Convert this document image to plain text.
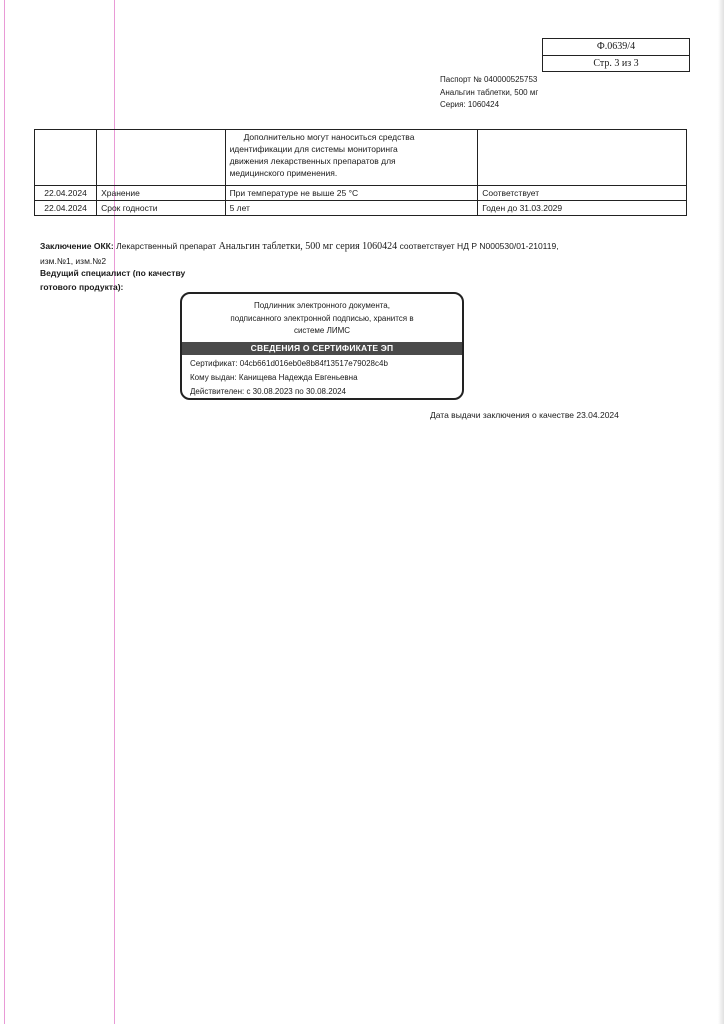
Ф.0639/4
Стр. 3 из 3
Паспорт № 040000525753
Анальгин таблетки, 500 мг
Серия: 1060424
		Дополнительно могут наноситься средства
идентификации для системы мониторинга
движения лекарственных препаратов для
медицинского применения.	
22.04.2024	Хранение	При температуре не выше 25 °С	Соответствует
22.04.2024	Срок годности	5 лет	Годен до 31.03.2029
Заключение ОКК: Лекарственный препарат Анальгин таблетки, 500 мг серия 1060424 соответствует НД Р N000530/01-210119,
изм.№1, изм.№2
Ведущий специалист (по качеству
готового продукта):
Подлинник электронного документа,
подписанного электронной подписью, хранится в
системе ЛИМС
СВЕДЕНИЯ О СЕРТИФИКАТЕ ЭП
Сертификат: 04cb661d016eb0e8b84f13517e79028c4b
Кому выдан: Канищева Надежда Евгеньевна
Действителен: с 30.08.2023 по 30.08.2024
Дата выдачи заключения о качестве 23.04.2024
